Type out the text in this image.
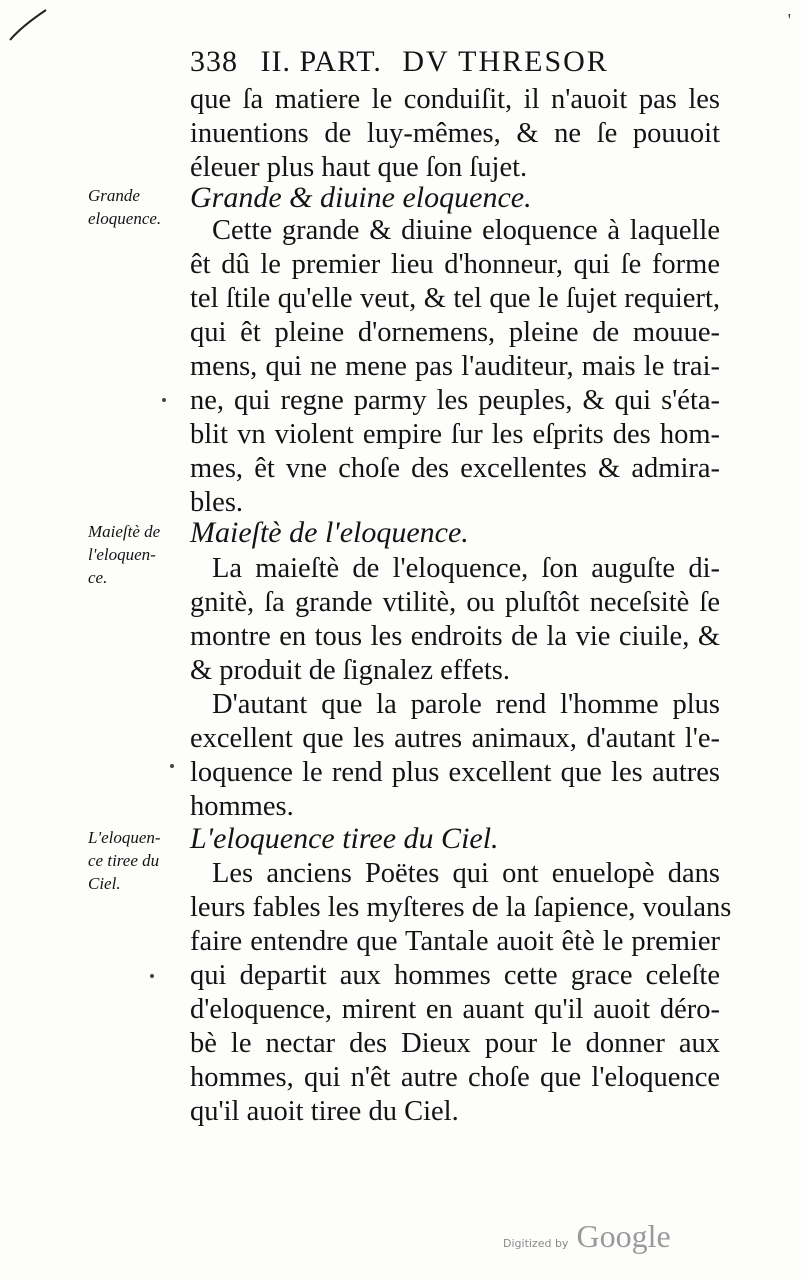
'
338 II. PART. DV THRESOR
que ſa matiere le conduiſit, il n'auoit pas les
inuentions de luy-mêmes, & ne ſe pouuoit
éleuer plus haut que ſon ſujet.
Grande
eloquence.
Grande & diuine eloquence.
Cette grande & diuine eloquence à laquelle
êt dû le premier lieu d'honneur, qui ſe forme
tel ſtile qu'elle veut, & tel que le ſujet requiert,
qui êt pleine d'ornemens, pleine de mouue-
mens, qui ne mene pas l'auditeur, mais le trai-
ne, qui regne parmy les peuples, & qui s'éta-
blit vn violent empire ſur les eſprits des hom-
mes, êt vne choſe des excellentes & admira-
bles.
Maieſtè de
l'eloquen-
ce.
Maieſtè de l'eloquence.
La maieſtè de l'eloquence, ſon auguſte di-
gnitè, ſa grande vtilitè, ou pluſtôt neceſsitè ſe
montre en tous les endroits de la vie ciuile, &
& produit de ſignalez effets.
D'autant que la parole rend l'homme plus
excellent que les autres animaux, d'autant l'e-
loquence le rend plus excellent que les autres
hommes.
L'eloquen-
ce tiree du
Ciel.
L'eloquence tiree du Ciel.
Les anciens Poëtes qui ont enuelopè dans
leurs fables les myſteres de la ſapience, voulans
faire entendre que Tantale auoit êtè le premier
qui departit aux hommes cette grace celeſte
d'eloquence, mirent en auant qu'il auoit déro-
bè le nectar des Dieux pour le donner aux
hommes, qui n'êt autre choſe que l'eloquence
qu'il auoit tiree du Ciel.
Digitized by Google
